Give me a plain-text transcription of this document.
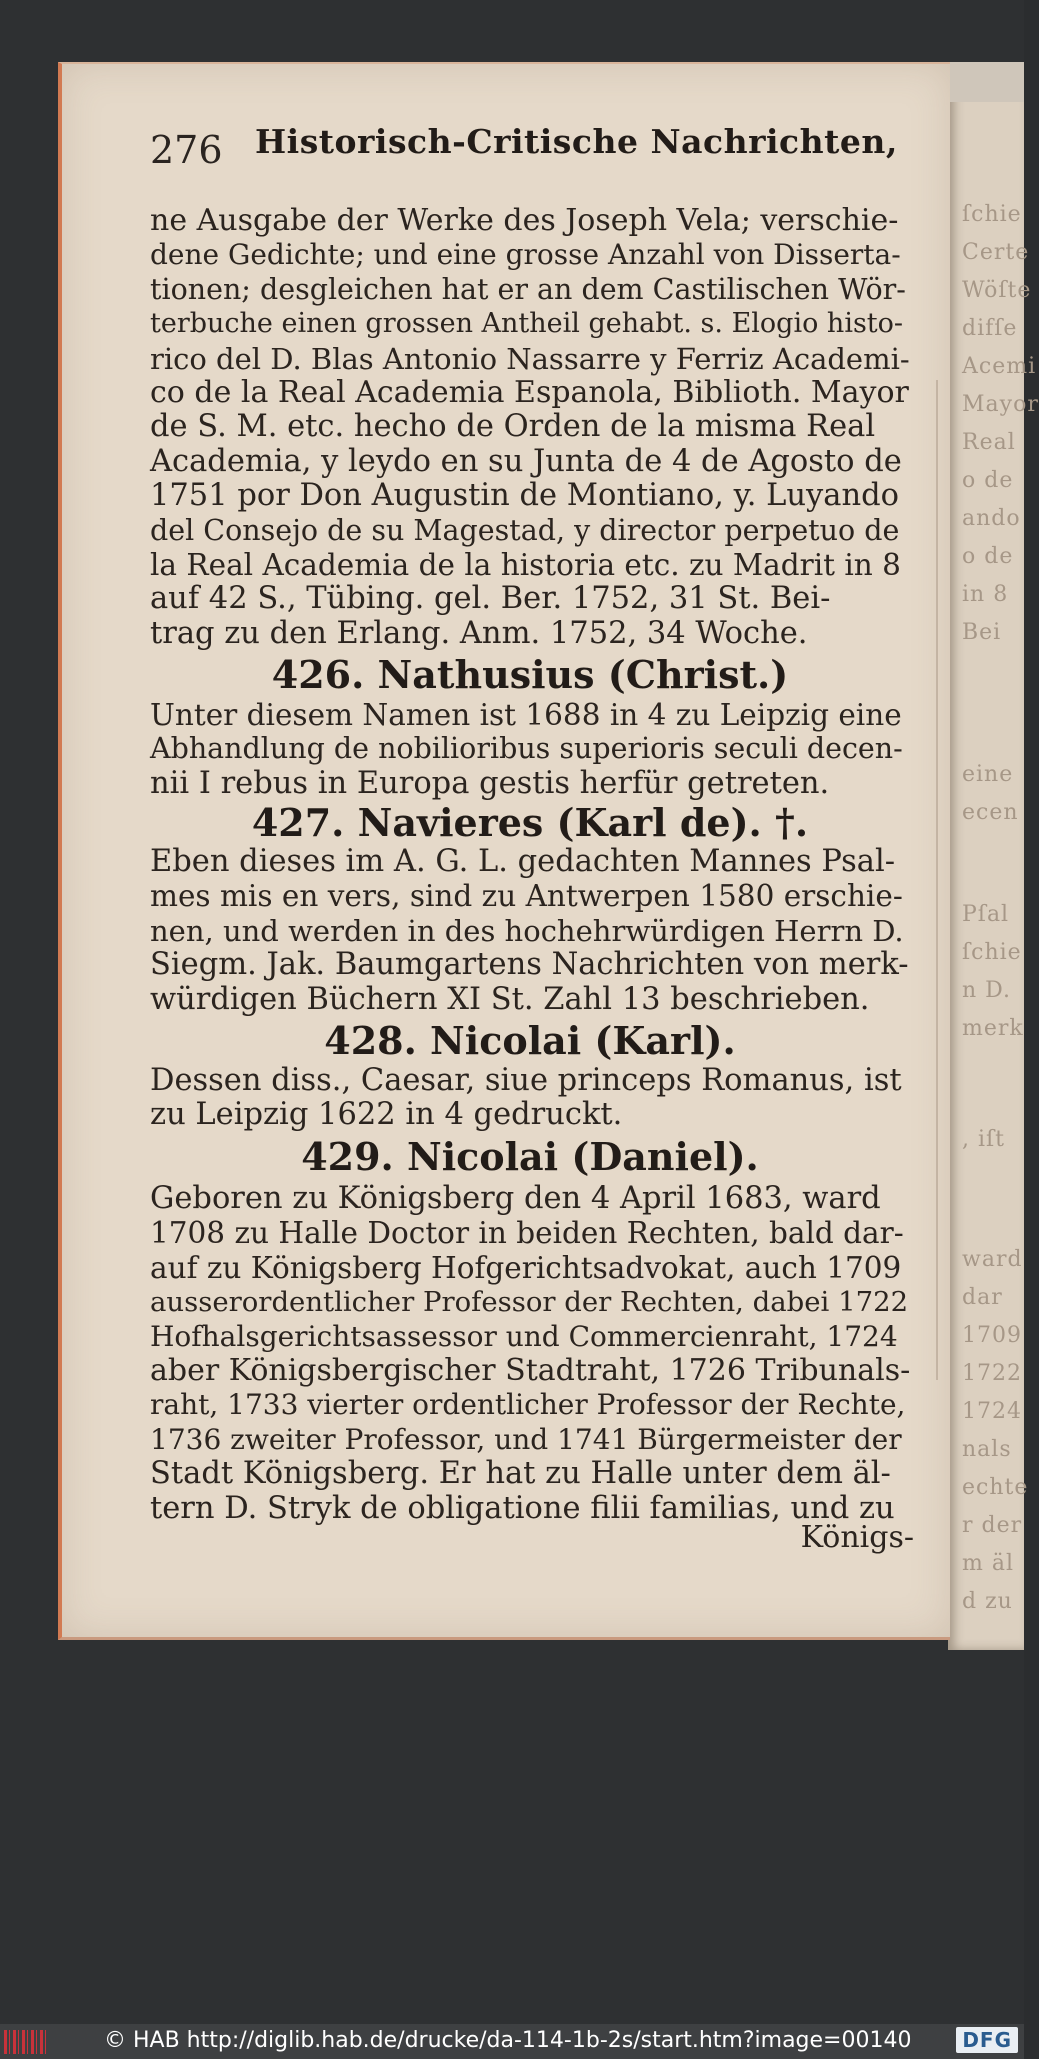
ſchie
Certe
Wöſte
difſe
Acemi
Mayor
Real
o de
ando
o de
in 8
Bei
eine
ecen
Pſal
ſchie
n D.
merk
, iſt
ward
dar
1709
1722
1724
nals
echte
r der
m äl
d zu
276 Historisch-Critische Nachrichten,
ne Ausgabe der Werke des Joseph Vela; verschie-
dene Gedichte; und eine grosse Anzahl von Disserta-
tionen; desgleichen hat er an dem Castilischen Wör-
terbuche einen grossen Antheil gehabt. s. Elogio histo-
rico del D. Blas Antonio Nassarre y Ferriz Academi-
co de la Real Academia Espanola, Biblioth. Mayor
de S. M. etc. hecho de Orden de la misma Real
Academia, y leydo en su Junta de 4 de Agosto de
1751 por Don Augustin de Montiano, y. Luyando
del Consejo de su Magestad, y director perpetuo de
la Real Academia de la historia etc. zu Madrit in 8
auf 42 S., Tübing. gel. Ber. 1752, 31 St. Bei-
trag zu den Erlang. Anm. 1752, 34 Woche.
426. Nathusius (Christ.)
Unter diesem Namen ist 1688 in 4 zu Leipzig eine
Abhandlung de nobilioribus superioris seculi decen-
nii I rebus in Europa gestis herfür getreten.
427. Navieres (Karl de). †.
Eben dieses im A. G. L. gedachten Mannes Psal-
mes mis en vers, sind zu Antwerpen 1580 erschie-
nen, und werden in des hochehrwürdigen Herrn D.
Siegm. Jak. Baumgartens Nachrichten von merk-
würdigen Büchern XI St. Zahl 13 beschrieben.
428. Nicolai (Karl).
Dessen diss., Caesar, siue princeps Romanus, ist
zu Leipzig 1622 in 4 gedruckt.
429. Nicolai (Daniel).
Geboren zu Königsberg den 4 April 1683, ward
1708 zu Halle Doctor in beiden Rechten, bald dar-
auf zu Königsberg Hofgerichtsadvokat, auch 1709
ausserordentlicher Professor der Rechten, dabei 1722
Hofhalsgerichtsassessor und Commercienraht, 1724
aber Königsbergischer Stadtraht, 1726 Tribunals-
raht, 1733 vierter ordentlicher Professor der Rechte,
1736 zweiter Professor, und 1741 Bürgermeister der
Stadt Königsberg. Er hat zu Halle unter dem äl-
tern D. Stryk de obligatione filii familias, und zu
Königs-
© HAB http://diglib.hab.de/drucke/da-114-1b-2s/start.htm?image=00140	DFG
